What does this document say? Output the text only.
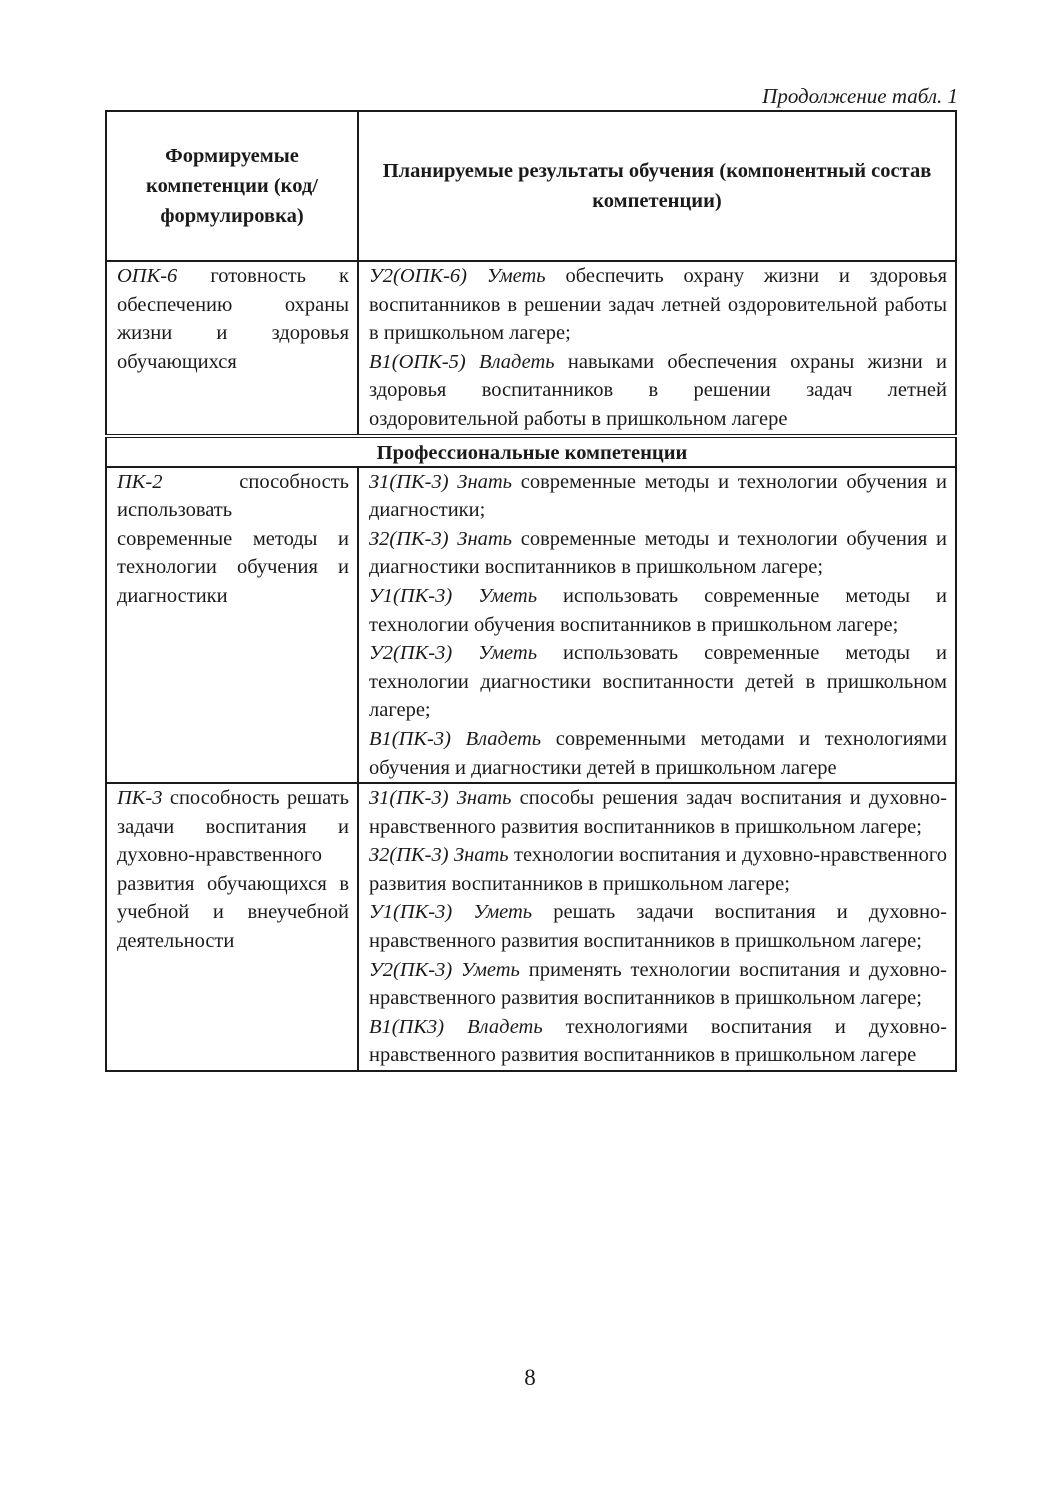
Продолжение табл. 1
Формируемые компетенции (код/формулировка)	Планируемые результаты обучения (компонентный состав компетенции)
ОПК-6 готовность к обеспечению охраны жизни и здоровья обучающихся	У2(ОПК-6) Уметь обеспечить охрану жизни и здоровья воспитанников в решении задач летней оздоровительной работы в пришкольном лагере;
В1(ОПК-5) Владеть навыками обеспечения охраны жизни и здоровья воспитанников в решении задач летней оздоровительной работы в пришкольном лагере

Профессиональные компетенции	
ПК-2 способность использовать современные методы и технологии обучения и диагностики	З1(ПК-3) Знать современные методы и технологии обучения и диагностики;
З2(ПК-3) Знать современные методы и технологии обучения и диагностики воспитанников в пришкольном лагере;
У1(ПК-3) Уметь использовать современные методы и технологии обучения воспитанников в пришкольном лагере;
У2(ПК-3) Уметь использовать современные методы и технологии диагностики воспитанности детей в пришкольном лагере;
В1(ПК-3) Владеть современными методами и технологиями обучения и диагностики детей в пришкольном лагере

ПК-3 способность решать задачи воспитания и духовно-нравственного развития обучающихся в учебной и внеучебной деятельности	З1(ПК-3) Знать способы решения задач воспитания и духовно-нравственного развития воспитанников в пришкольном лагере;
З2(ПК-3) Знать технологии воспитания и духовно-нравственного развития воспитанников в пришкольном лагере;
У1(ПК-3) Уметь решать задачи воспитания и духовно-нравственного развития воспитанников в пришкольном лагере;
У2(ПК-3) Уметь применять технологии воспитания и духовно-нравственного развития воспитанников в пришкольном лагере;
В1(ПК3) Владеть технологиями воспитания и духовно-нравственного развития воспитанников в пришкольном лагере
8
